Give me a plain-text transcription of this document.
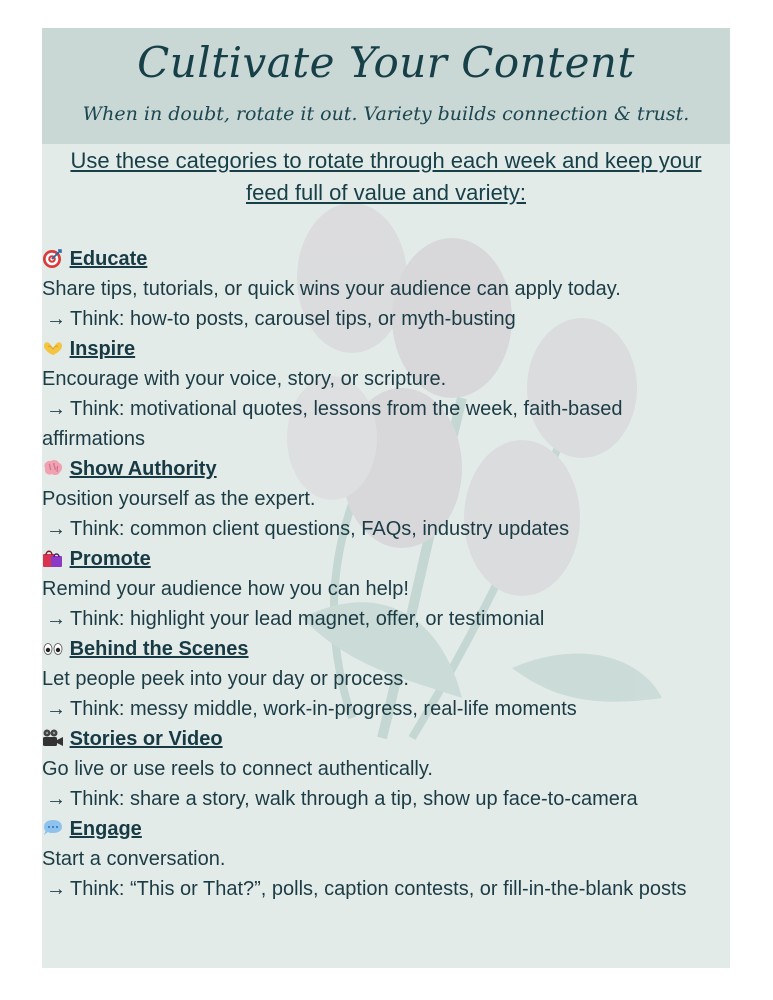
Cultivate Your Content
When in doubt, rotate it out. Variety builds connection & trust.
Use these categories to rotate through each week and keep your feed full of value and variety:
Educate
Share tips, tutorials, or quick wins your audience can apply today.
→ Think: how-to posts, carousel tips, or myth-busting
Inspire
Encourage with your voice, story, or scripture.
→ Think: motivational quotes, lessons from the week, faith-based
affirmations
Show Authority
Position yourself as the expert.
→ Think: common client questions, FAQs, industry updates
Promote
Remind your audience how you can help!
→ Think: highlight your lead magnet, offer, or testimonial
Behind the Scenes
Let people peek into your day or process.
→ Think: messy middle, work-in-progress, real-life moments
Stories or Video
Go live or use reels to connect authentically.
→ Think: share a story, walk through a tip, show up face-to-camera
Engage
Start a conversation.
→ Think: “This or That?”, polls, caption contests, or fill-in-the-blank posts
